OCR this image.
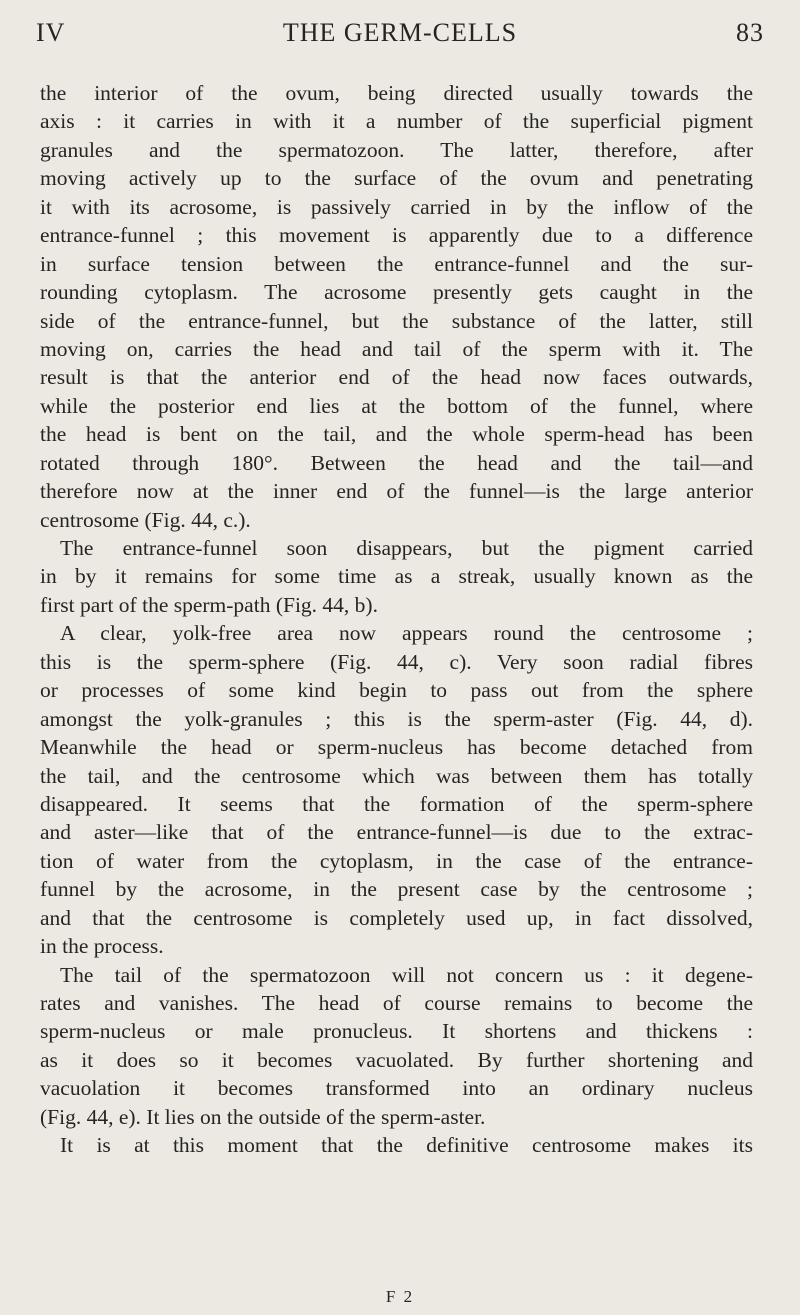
IV	THE GERM-CELLS	83
the interior of the ovum, being directed usually towards the
axis : it carries in with it a number of the superficial pigment
granules and the spermatozoon. The latter, therefore, after
moving actively up to the surface of the ovum and penetrating
it with its acrosome, is passively carried in by the inflow of the
entrance-funnel ; this movement is apparently due to a difference
in surface tension between the entrance-funnel and the sur-
rounding cytoplasm. The acrosome presently gets caught in the
side of the entrance-funnel, but the substance of the latter, still
moving on, carries the head and tail of the sperm with it. The
result is that the anterior end of the head now faces outwards,
while the posterior end lies at the bottom of the funnel, where
the head is bent on the tail, and the whole sperm-head has been
rotated through 180°. Between the head and the tail—and
therefore now at the inner end of the funnel—is the large anterior
centrosome (Fig. 44, c.).
The entrance-funnel soon disappears, but the pigment carried
in by it remains for some time as a streak, usually known as the
first part of the sperm-path (Fig. 44, b).
A clear, yolk-free area now appears round the centrosome ;
this is the sperm-sphere (Fig. 44, c). Very soon radial fibres
or processes of some kind begin to pass out from the sphere
amongst the yolk-granules ; this is the sperm-aster (Fig. 44, d).
Meanwhile the head or sperm-nucleus has become detached from
the tail, and the centrosome which was between them has totally
disappeared. It seems that the formation of the sperm-sphere
and aster—like that of the entrance-funnel—is due to the extrac-
tion of water from the cytoplasm, in the case of the entrance-
funnel by the acrosome, in the present case by the centrosome ;
and that the centrosome is completely used up, in fact dissolved,
in the process.
The tail of the spermatozoon will not concern us : it degene-
rates and vanishes. The head of course remains to become the
sperm-nucleus or male pronucleus. It shortens and thickens :
as it does so it becomes vacuolated. By further shortening and
vacuolation it becomes transformed into an ordinary nucleus
(Fig. 44, e). It lies on the outside of the sperm-aster.
It is at this moment that the definitive centrosome makes its
F 2
